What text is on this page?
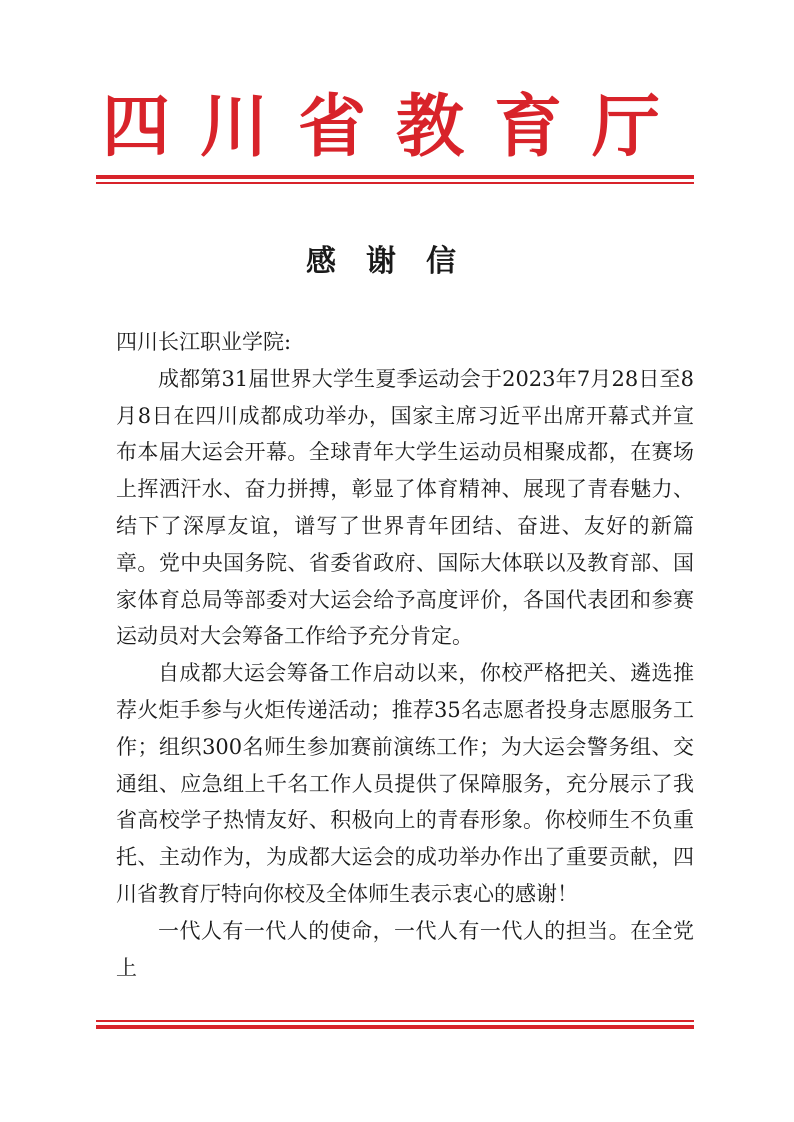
四川省教育厅
感谢信

四川长江职业学院:

成都第31届世界大学生夏季运动会于2023年7月28日至8月8日在四川成都成功举办，国家主席习近平出席开幕式并宣布本届大运会开幕。全球青年大学生运动员相聚成都，在赛场上挥洒汗水、奋力拼搏，彰显了体育精神、展现了青春魅力、结下了深厚友谊，谱写了世界青年团结、奋进、友好的新篇章。党中央国务院、省委省政府、国际大体联以及教育部、国家体育总局等部委对大运会给予高度评价，各国代表团和参赛运动员对大会筹备工作给予充分肯定。

自成都大运会筹备工作启动以来，你校严格把关、遴选推荐火炬手参与火炬传递活动；推荐35名志愿者投身志愿服务工作；组织300名师生参加赛前演练工作；为大运会警务组、交通组、应急组上千名工作人员提供了保障服务，充分展示了我省高校学子热情友好、积极向上的青春形象。你校师生不负重托、主动作为，为成都大运会的成功举办作出了重要贡献，四川省教育厅特向你校及全体师生表示衷心的感谢！

一代人有一代人的使命，一代人有一代人的担当。在全党上
